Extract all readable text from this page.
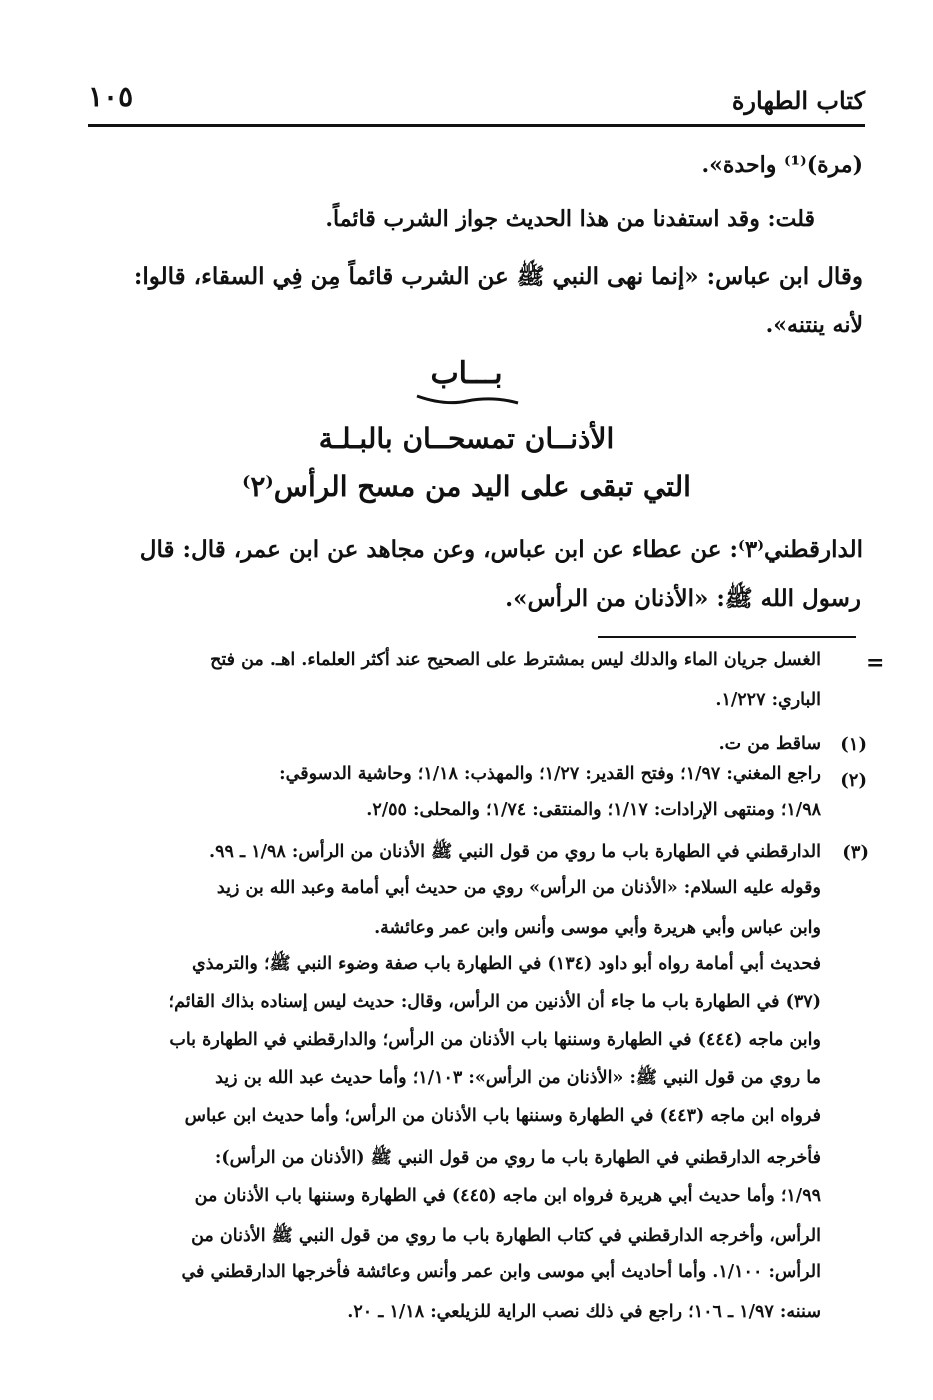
كتاب الطهارة
١٠٥
(مرة)⁽¹⁾ واحدة».
قلت: وقد استفدنا من هذا الحديث جواز الشرب قائماً.
وقال ابن عباس: «إنما نهى النبي ﷺ عن الشرب قائماً مِن فِي السقاء، قالوا:
لأنه ينتنه».
بـــاب
الأذنــان تمسحــان بالبـلـة
التي تبقى على اليد من مسح الرأس⁽٢⁾
الدارقطني⁽٣⁾: عن عطاء عن ابن عباس، وعن مجاهد عن ابن عمر، قال: قال
رسول الله ﷺ: «الأذنان من الرأس».
=
الغسل جريان الماء والدلك ليس بمشترط على الصحيح عند أكثر العلماء. اهـ. من فتح
الباري: ١/٢٢٧.
(١)
ساقط من ت.
(٢)
راجع المغني: ١/٩٧؛ وفتح القدير: ١/٢٧؛ والمهذب: ١/١٨؛ وحاشية الدسوقي:
١/٩٨؛ ومنتهى الإرادات: ١/١٧؛ والمنتقى: ١/٧٤؛ والمحلى: ٢/٥٥.
(٣)
الدارقطني في الطهارة باب ما روي من قول النبي ﷺ الأذنان من الرأس: ١/٩٨ ـ ٩٩.
وقوله عليه السلام: «الأذنان من الرأس» روي من حديث أبي أمامة وعبد الله بن زيد
وابن عباس وأبي هريرة وأبي موسى وأنس وابن عمر وعائشة.
فحديث أبي أمامة رواه أبو داود (١٣٤) في الطهارة باب صفة وضوء النبي ﷺ؛ والترمذي
(٣٧) في الطهارة باب ما جاء أن الأذنين من الرأس، وقال: حديث ليس إسناده بذاك القائم؛
وابن ماجه (٤٤٤) في الطهارة وسننها باب الأذنان من الرأس؛ والدارقطني في الطهارة باب
ما روي من قول النبي ﷺ: «الأذنان من الرأس»: ١/١٠٣؛ وأما حديث عبد الله بن زيد
فرواه ابن ماجه (٤٤٣) في الطهارة وسننها باب الأذنان من الرأس؛ وأما حديث ابن عباس
فأخرجه الدارقطني في الطهارة باب ما روي من قول النبي ﷺ (الأذنان من الرأس):
١/٩٩؛ وأما حديث أبي هريرة فرواه ابن ماجه (٤٤٥) في الطهارة وسننها باب الأذنان من
الرأس، وأخرجه الدارقطني في كتاب الطهارة باب ما روي من قول النبي ﷺ الأذنان من
الرأس: ١/١٠٠. وأما أحاديث أبي موسى وابن عمر وأنس وعائشة فأخرجها الدارقطني في
سننه: ١/٩٧ ـ ١٠٦؛ راجع في ذلك نصب الراية للزيلعي: ١/١٨ ـ ٢٠.
